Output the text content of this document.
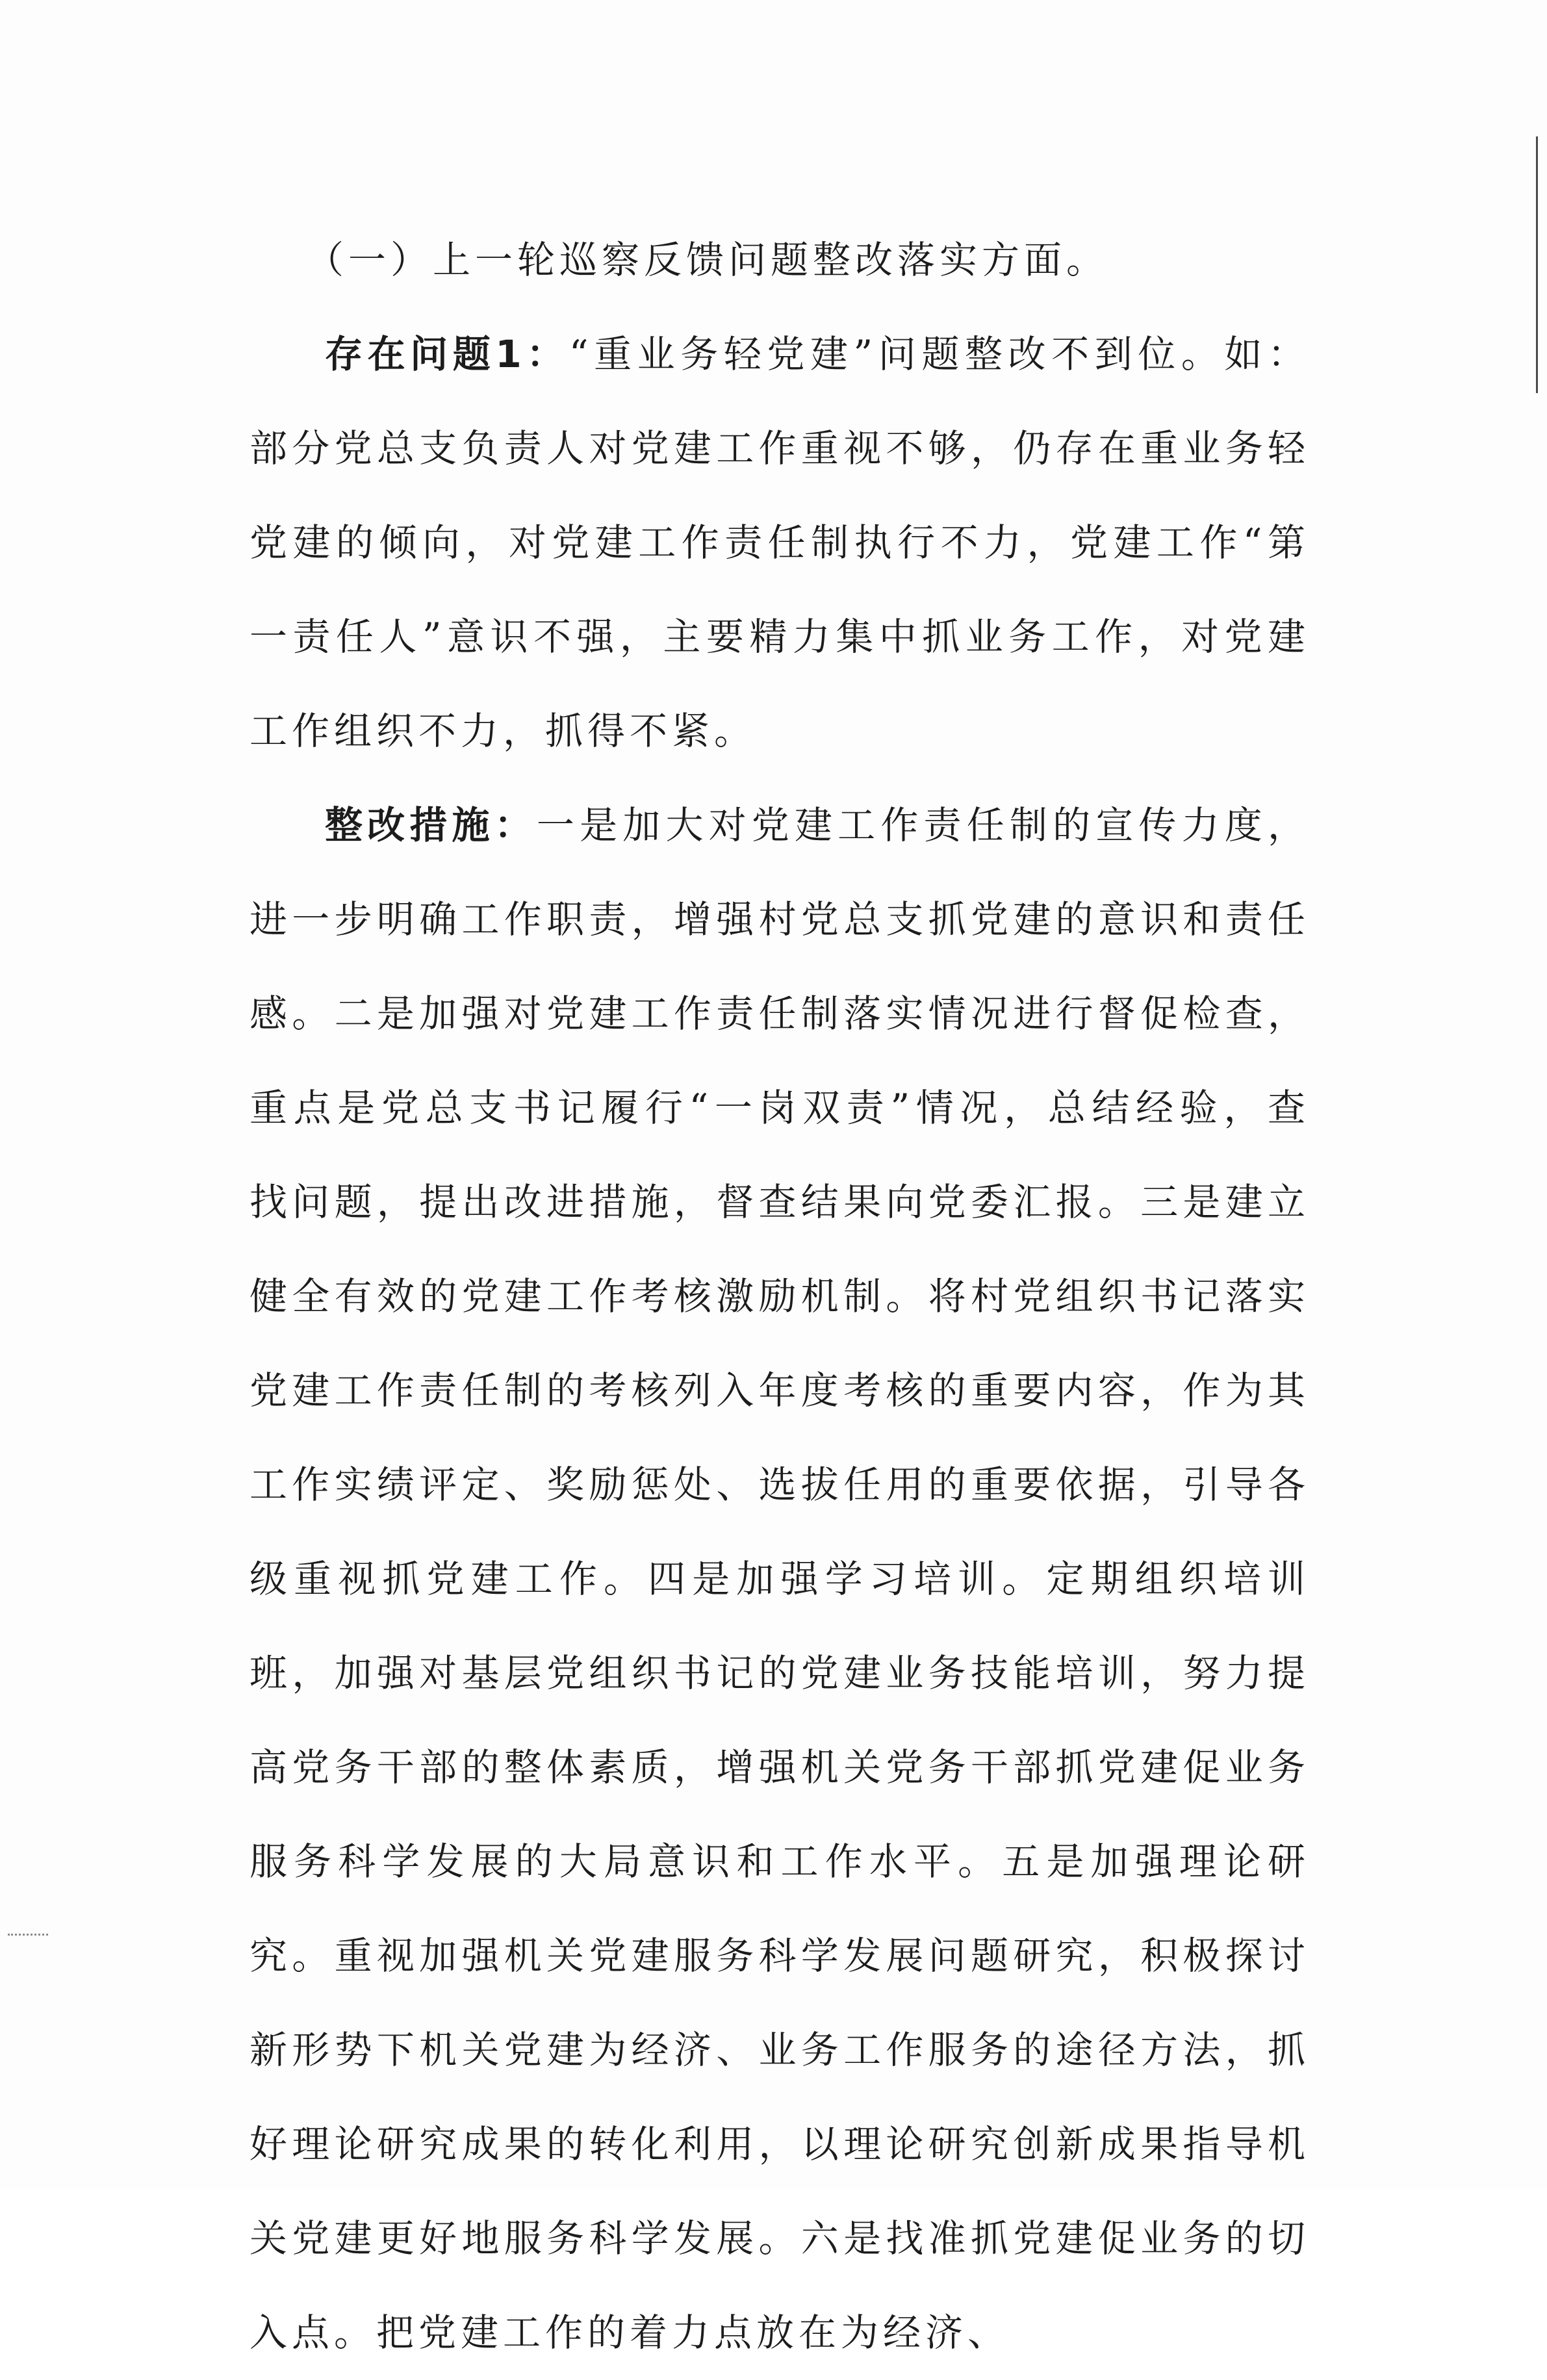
（一）上一轮巡察反馈问题整改落实方面。

存在问题1：“重业务轻党建”问题整改不到位。如：部分党总支负责人对党建工作重视不够，仍存在重业务轻党建的倾向，对党建工作责任制执行不力，党建工作“第一责任人”意识不强，主要精力集中抓业务工作，对党建工作组织不力，抓得不紧。

整改措施：一是加大对党建工作责任制的宣传力度，进一步明确工作职责，增强村党总支抓党建的意识和责任感。二是加强对党建工作责任制落实情况进行督促检查，重点是党总支书记履行“一岗双责”情况，总结经验，查找问题，提出改进措施，督查结果向党委汇报。三是建立健全有效的党建工作考核激励机制。将村党组织书记落实党建工作责任制的考核列入年度考核的重要内容，作为其工作实绩评定、奖励惩处、选拔任用的重要依据，引导各级重视抓党建工作。四是加强学习培训。定期组织培训班，加强对基层党组织书记的党建业务技能培训，努力提高党务干部的整体素质，增强机关党务干部抓党建促业务服务科学发展的大局意识和工作水平。五是加强理论研究。重视加强机关党建服务科学发展问题研究，积极探讨新形势下机关党建为经济、业务工作服务的途径方法，抓好理论研究成果的转化利用，以理论研究创新成果指导机关党建更好地服务科学发展。六是找准抓党建促业务的切入点。把党建工作的着力点放在为经济、
